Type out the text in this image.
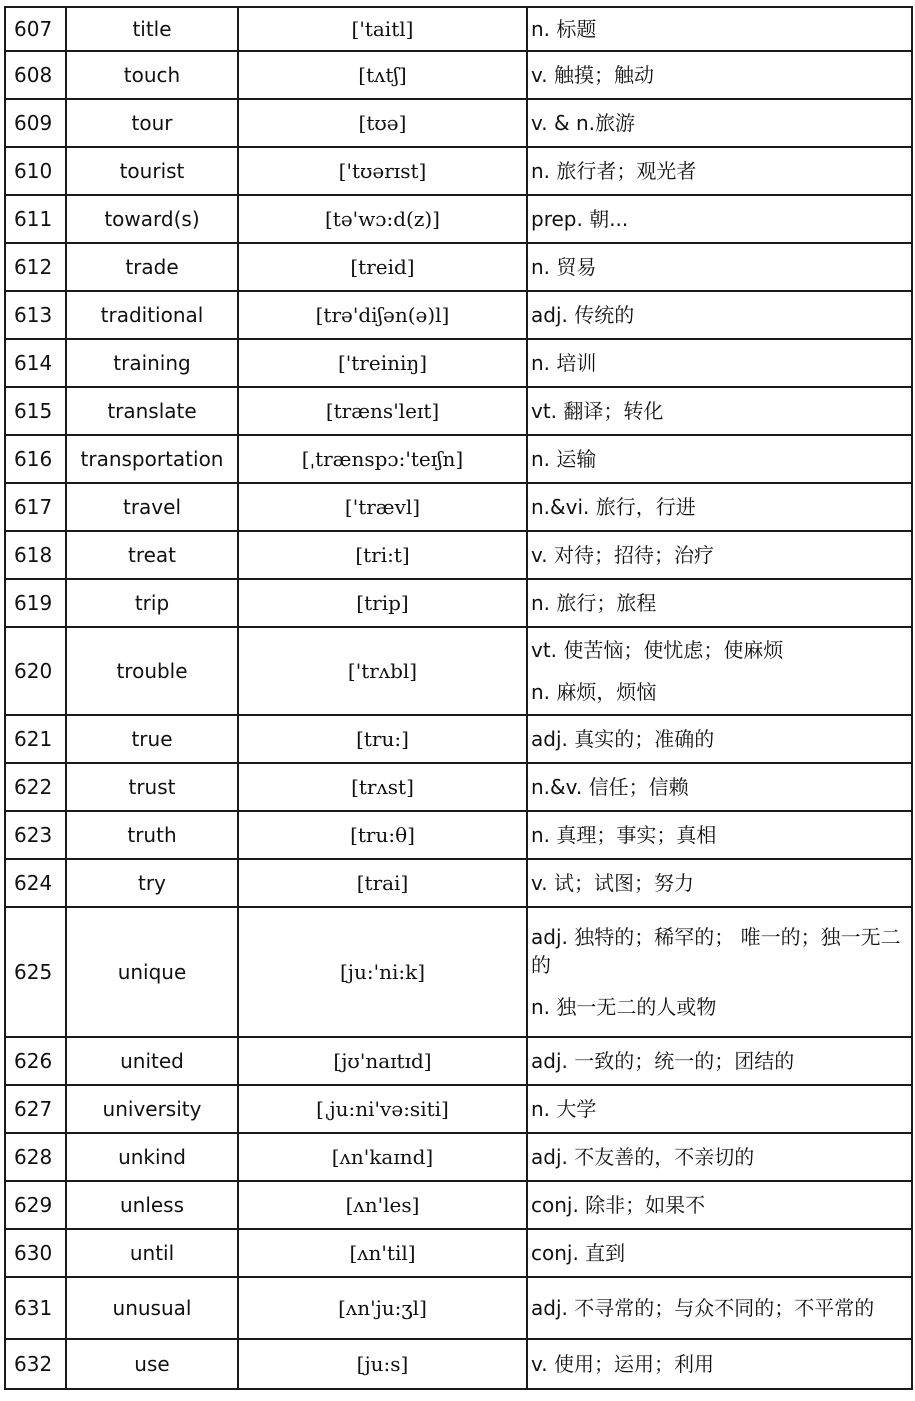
607	title	['taitl]	n. 标题

608	touch	[tʌtʃ]	v. 触摸；触动

609	tour	[tʊə]	v. & n.旅游

610	tourist	['tʊərɪst]	n. 旅行者；观光者

611	toward(s)	[tə'wɔ:d(z)]	prep. 朝...

612	trade	[treid]	n. 贸易

613	traditional	[trə'diʃən(ə)l]	adj. 传统的

614	training	['treiniŋ]	n. 培训

615	translate	[træns'leɪt]	vt. 翻译；转化

616	transportation	[ˌtrænspɔ:'teɪʃn]	n. 运输

617	travel	['trævl]	n.&vi. 旅行，行进

618	treat	[tri:t]	v. 对待；招待；治疗

619	trip	[trip]	n. 旅行；旅程

620	trouble	['trʌbl]	vt. 使苦恼；使忧虑；使麻烦
n. 麻烦，烦恼

621	true	[tru:]	adj. 真实的；准确的

622	trust	[trʌst]	n.&v. 信任；信赖

623	truth	[tru:θ]	n. 真理；事实；真相

624	try	[trai]	v. 试；试图；努力

625	unique	[ju:'ni:k]	adj. 独特的；稀罕的； 唯一的；独一无二的
n. 独一无二的人或物

626	united	[jʊ'naɪtɪd]	adj. 一致的；统一的；团结的

627	university	[ˌju:ni'və:siti]	n. 大学

628	unkind	[ʌn'kaɪnd]	adj. 不友善的，不亲切的

629	unless	[ʌn'les]	conj. 除非；如果不

630	until	[ʌn'til]	conj. 直到

631	unusual	[ʌn'ju:ʒl]	adj. 不寻常的；与众不同的；不平常的

632	use	[ju:s]	v. 使用；运用；利用
